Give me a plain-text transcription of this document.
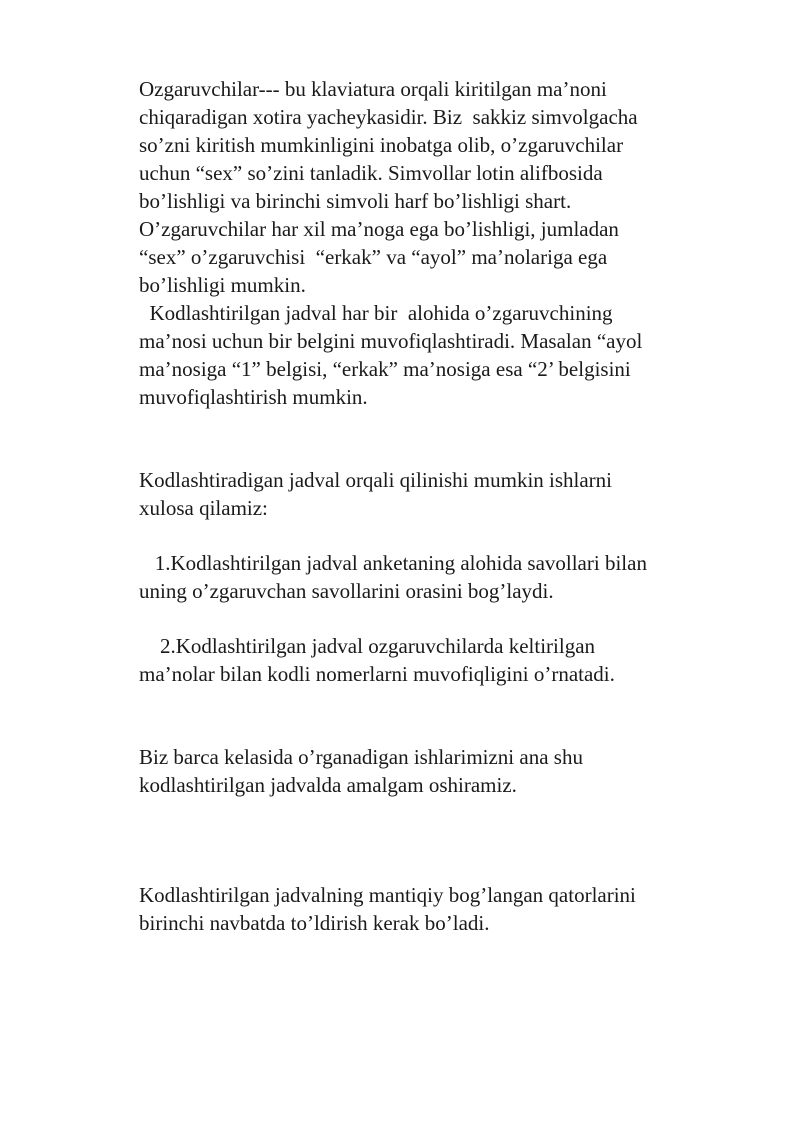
Ozgaruvchilar--- bu klaviatura orqali kiritilgan ma’noni

chiqaradigan xotira yacheykasidir. Biz  sakkiz simvolgacha

so’zni kiritish mumkinligini inobatga olib, o’zgaruvchilar

uchun “sex” so’zini tanladik. Simvollar lotin alifbosida

bo’lishligi va birinchi simvoli harf bo’lishligi shart.

O’zgaruvchilar har xil ma’noga ega bo’lishligi, jumladan

“sex” o’zgaruvchisi  “erkak” va “ayol” ma’nolariga ega

bo’lishligi mumkin.

Kodlashtirilgan jadval har bir  alohida o’zgaruvchining

ma’nosi uchun bir belgini muvofiqlashtiradi. Masalan “ayol

ma’nosiga “1” belgisi, “erkak” ma’nosiga esa “2’ belgisini

muvofiqlashtirish mumkin.

Kodlashtiradigan jadval orqali qilinishi mumkin ishlarni

xulosa qilamiz:

1.Kodlashtirilgan jadval anketaning alohida savollari bilan

uning o’zgaruvchan savollarini orasini bog’laydi.

2.Kodlashtirilgan jadval ozgaruvchilarda keltirilgan

ma’nolar bilan kodli nomerlarni muvofiqligini o’rnatadi.

Biz barca kelasida o’rganadigan ishlarimizni ana shu

kodlashtirilgan jadvalda amalgam oshiramiz.

Kodlashtirilgan jadvalning mantiqiy bog’langan qatorlarini

birinchi navbatda to’ldirish kerak bo’ladi.
